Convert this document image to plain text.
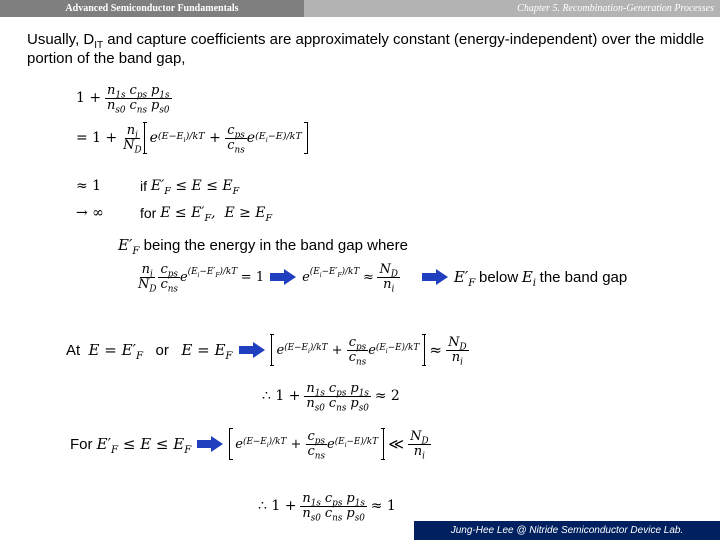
Advanced Semiconductor Fundamentals	Chapter 5. Recombination-Generation Processes
Usually, $D_{IT}$ and capture coefficients are approximately constant (energy-independent) over the middle portion of the band gap,
1 +
$\frac{n_{1s}}{n_{s0}} \frac{c_{ps}}{c_{ns}} \frac{p_{1s}}{p_{s0}}$
= 1 +
$\frac{n_i}{N_D}$ e $(E-E_i)/kT + \frac{c_{ps}}{c_{ns}}$ e $(E_i-E)/kT$
≈ 1	if
$E'_F \le E \le E_F$
→ ∞	for
$E \le E'_F$,  $E \ge E_F$
$E'_F$
being the energy in the band gap where
$\frac{n_i}{N_D} \frac{c_{ps}}{c_{ns}} e^{(E_i-E'_F)/kT}$
= 1	$e^{(E_i-E'_F)/kT}$
≈
$\frac{N_D}{n_i}$	$E'_F$
below
$E_i$
the band gap
At
$E = E'_F$
or
$E = E_F$	e $(E-E_i)/kT + \frac{c_{ps}}{c_{ns}}$ e $(E_i-E)/kT$
≈
$\frac{N_D}{n_i}$
∴ 1 +
$\frac{n_{1s}}{n_{s0}} \frac{c_{ps}}{c_{ns}} \frac{p_{1s}}{p_{s0}}$
≈ 2
For
$E'_F \le E \le E_F$	e $(E-E_i)/kT + \frac{c_{ps}}{c_{ns}}$ e $(E_i-E)/kT$
≪
$\frac{N_D}{n_i}$
∴ 1 +
$\frac{n_{1s}}{n_{s0}} \frac{c_{ps}}{c_{ns}} \frac{p_{1s}}{p_{s0}}$
≈ 1
Jung-Hee Lee @ Nitride Semiconductor Device Lab.
